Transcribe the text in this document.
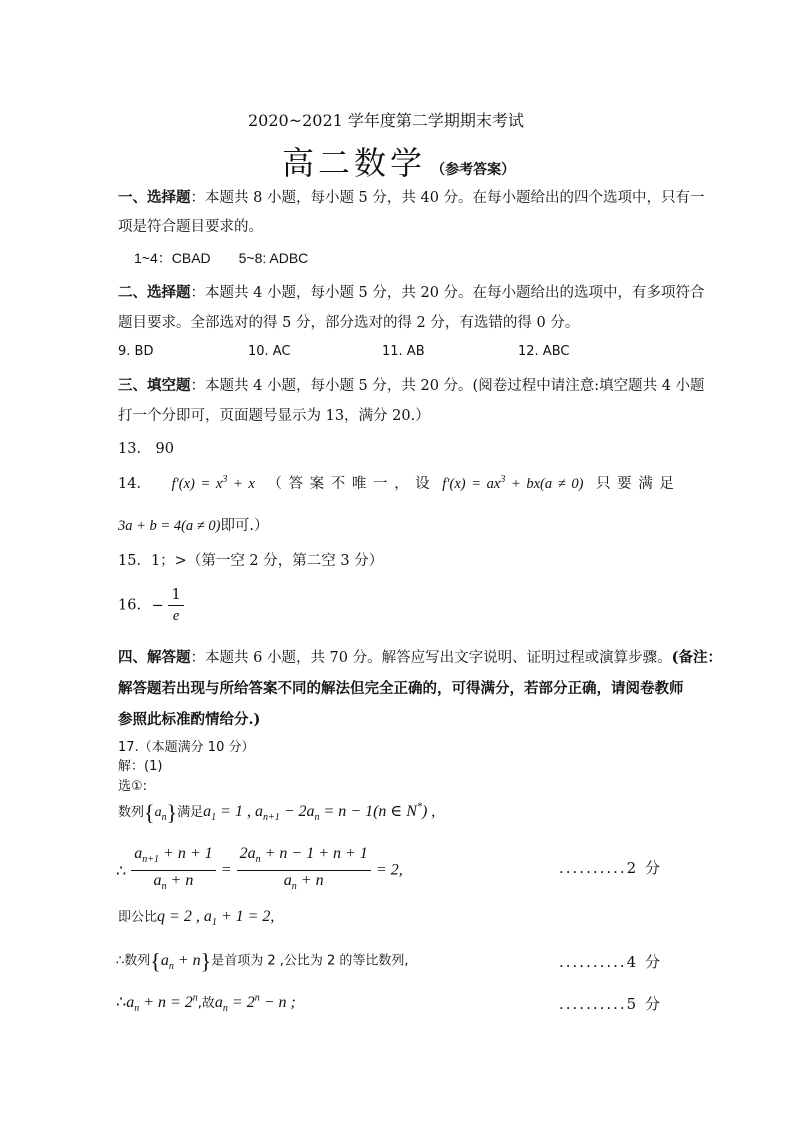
2020~2021 学年度第二学期期末考试
高二数学 （参考答案）
一、选择题：本题共 8 小题，每小题 5 分，共 40 分。在每小题给出的四个选项中，只有一
项是符合题目要求的。
1~4：CBAD　　5~8: ADBC
二、选择题：本题共 4 小题，每小题 5 分，共 20 分。在每小题给出的选项中，有多项符合
题目要求。全部选对的得 5 分，部分选对的得 2 分，有选错的得 0 分。
9. BD	10. AC	11. AB	12. ABC
三、填空题：本题共 4 小题，每小题 5 分，共 20 分。(阅卷过程中请注意:填空题共 4 小题
打一个分即可，页面题号显示为 13，满分 20.）
13.　90
14． $f'(x) = x^3 + x$ （ 答 案 不 唯 一 ， 设 $f'(x) = ax^3 + bx(a \ne 0)$ 只 要 满 足
3a + b = 4(a ≠ 0)即可.）
15．1；>（第一空 2 分，第二空 3 分）
16. − $\frac{1}{e}$
四、解答题：本题共 6 小题，共 70 分。解答应写出文字说明、证明过程或演算步骤。(备注：
解答题若出现与所给答案不同的解法但完全正确的，可得满分，若部分正确，请阅卷教师
参照此标准酌情给分.)
17.（本题满分 10 分）
解：(1)
选①:
数列$\{a_n\}$满足$a_1 = 1$ , $a_{n+1} - 2a_n = n - 1(n$ ∈ N*) ,
∴ $\frac{a_{n+1} + n + 1}{a_n + n} = \frac{2a_n + n - 1 + n + 1}{a_n + n} = 2$,	..........2 分
即公比q = 2 , $a_1 + 1 = 2$,
∴数列$\{a_n + n\}$是首项为 2 ,公比为 2 的等比数列,	..........4 分
$\therefore a_n + n = 2^n$,故$a_n = 2^n - n$ ;	..........5 分
